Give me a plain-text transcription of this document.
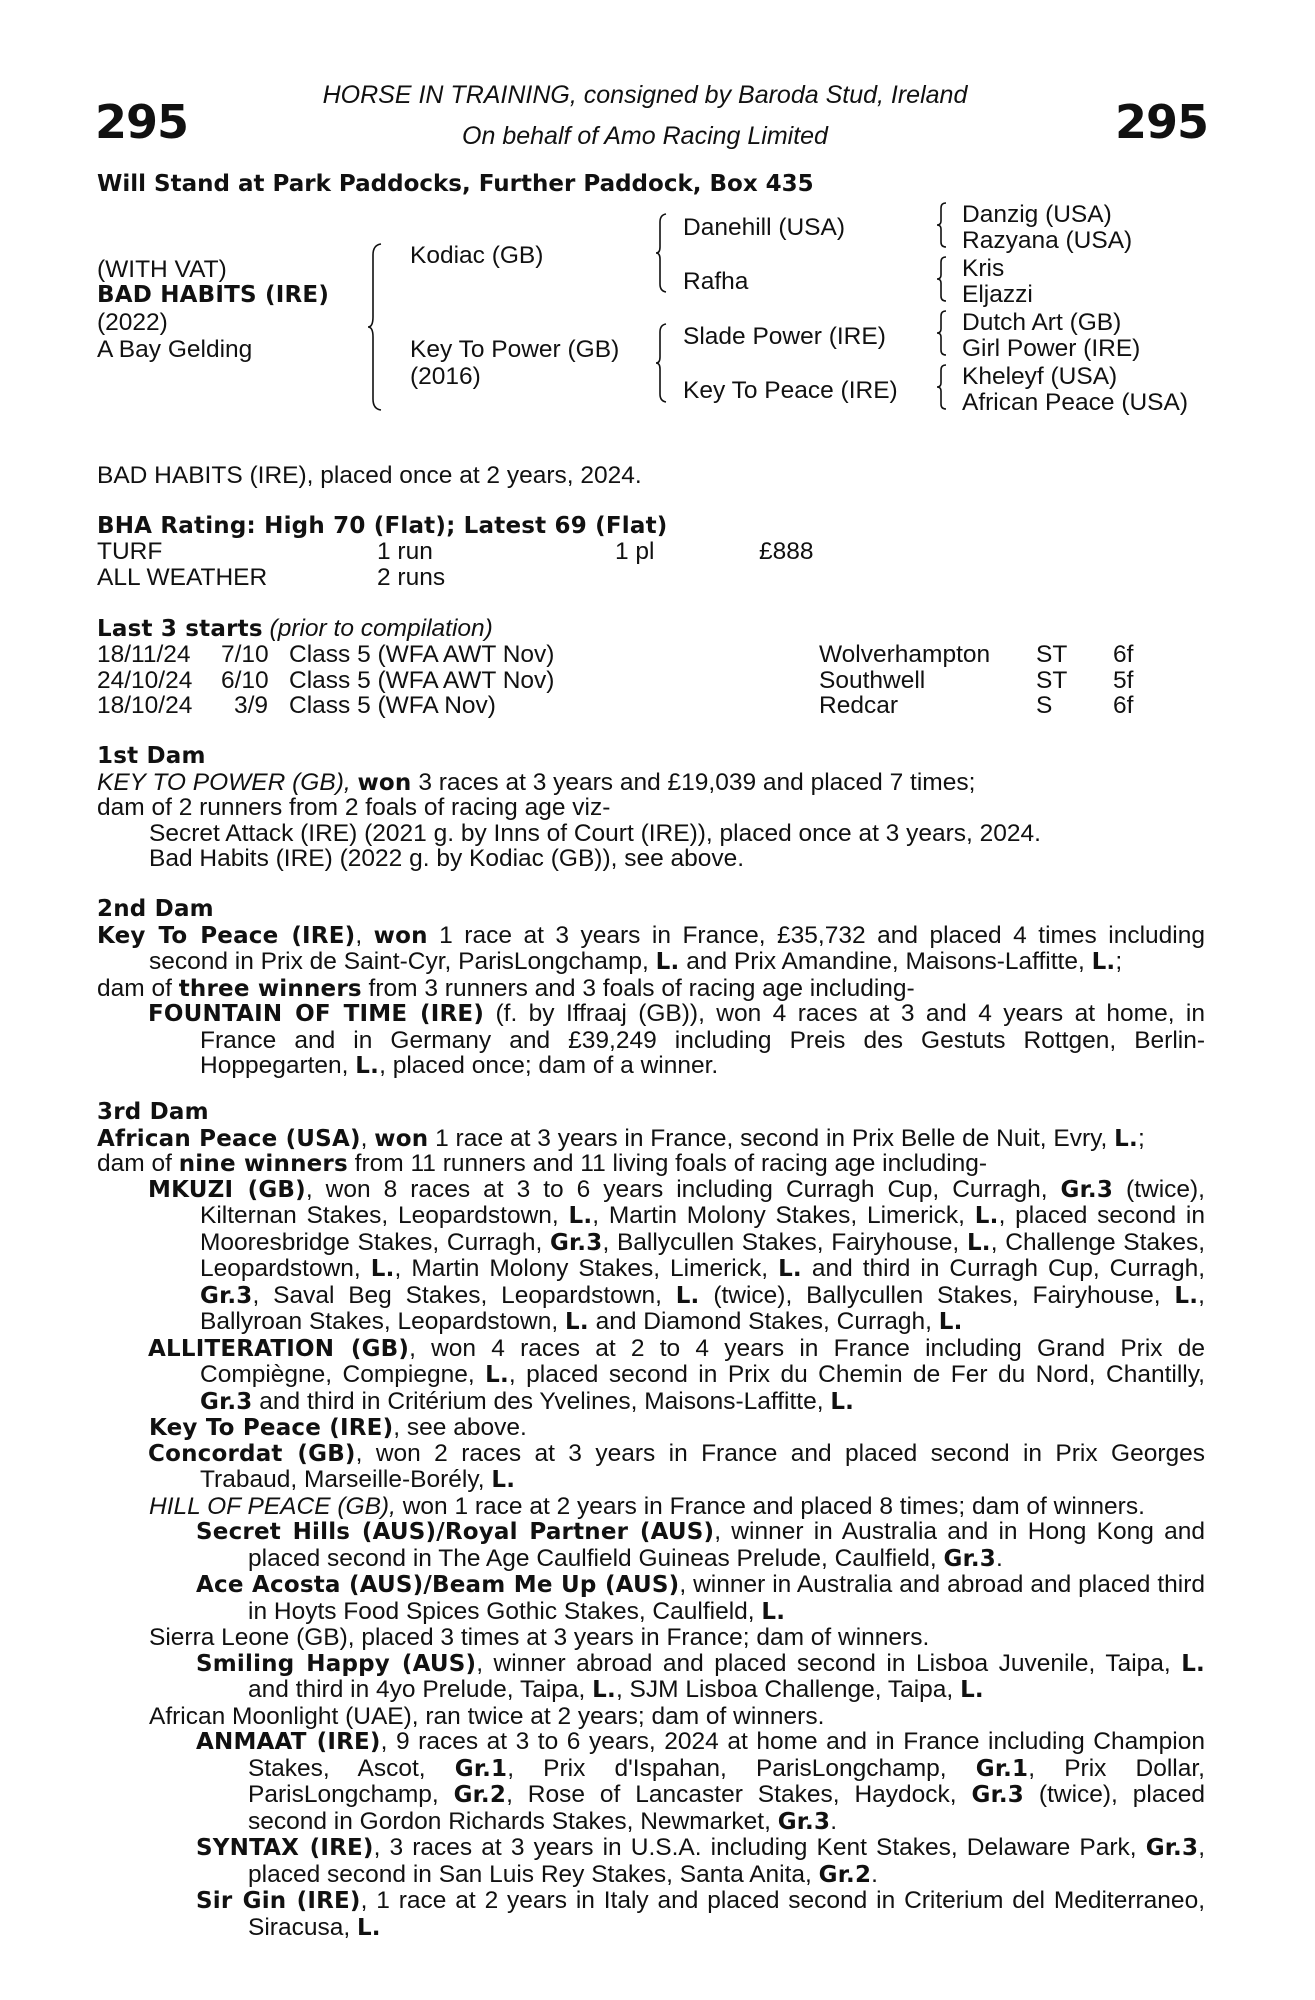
295	295
HORSE IN TRAINING, consigned by Baroda Stud, Ireland
On behalf of Amo Racing Limited
Will Stand at Park Paddocks, Further Paddock, Box 435
(WITH VAT)
BAD HABITS (IRE)
(2022)
A Bay Gelding
Kodiac (GB)
Key To Power (GB)
(2016)
Danehill (USA)
Rafha
Slade Power (IRE)
Key To Peace (IRE)
Danzig (USA)
Razyana (USA)
Kris
Eljazzi
Dutch Art (GB)
Girl Power (IRE)
Kheleyf (USA)
African Peace (USA)
BAD HABITS (IRE), placed once at 2 years, 2024.
BHA Rating: High 70 (Flat); Latest 69 (Flat)
TURF	1 run	1 pl	£888
ALL WEATHER	2 runs
Last 3 starts (prior to compilation)
18/11/24 7/10 Class 5 (WFA AWT Nov)	Wolverhampton ST 6f
24/10/24 6/10 Class 5 (WFA AWT Nov)	Southwell	ST 5f
18/10/24 3/9 Class 5 (WFA Nov)	Redcar	S 6f
1st Dam
KEY TO POWER (GB), won 3 races at 3 years and £19,039 and placed 7 times;
dam of 2 runners from 2 foals of racing age viz-
Secret Attack (IRE) (2021 g. by Inns of Court (IRE)), placed once at 3 years, 2024.
Bad Habits (IRE) (2022 g. by Kodiac (GB)), see above.
2nd Dam
Key To Peace (IRE), won 1 race at 3 years in France, £35,732 and placed 4 times including second in Prix de Saint-Cyr, ParisLongchamp, L. and Prix Amandine, Maisons-Laffitte, L.;
dam of three winners from 3 runners and 3 foals of racing age including-
FOUNTAIN OF TIME (IRE) (f. by Iffraaj (GB)), won 4 races at 3 and 4 years at home, in France and in Germany and £39,249 including Preis des Gestuts Rottgen, Berlin-Hoppegarten, L., placed once; dam of a winner.
3rd Dam
African Peace (USA), won 1 race at 3 years in France, second in Prix Belle de Nuit, Evry, L.;
dam of nine winners from 11 runners and 11 living foals of racing age including-
MKUZI (GB), won 8 races at 3 to 6 years including Curragh Cup, Curragh, Gr.3 (twice), Kilternan Stakes, Leopardstown, L., Martin Molony Stakes, Limerick, L., placed second in Mooresbridge Stakes, Curragh, Gr.3, Ballycullen Stakes, Fairyhouse, L., Challenge Stakes, Leopardstown, L., Martin Molony Stakes, Limerick, L. and third in Curragh Cup, Curragh, Gr.3, Saval Beg Stakes, Leopardstown, L. (twice), Ballycullen Stakes, Fairyhouse, L., Ballyroan Stakes, Leopardstown, L. and Diamond Stakes, Curragh, L.
ALLITERATION (GB), won 4 races at 2 to 4 years in France including Grand Prix de Compiègne, Compiegne, L., placed second in Prix du Chemin de Fer du Nord, Chantilly, Gr.3 and third in Critérium des Yvelines, Maisons-Laffitte, L.
Key To Peace (IRE), see above.
Concordat (GB), won 2 races at 3 years in France and placed second in Prix Georges Trabaud, Marseille-Borély, L.
HILL OF PEACE (GB), won 1 race at 2 years in France and placed 8 times; dam of winners.
Secret Hills (AUS)/Royal Partner (AUS), winner in Australia and in Hong Kong and placed second in The Age Caulfield Guineas Prelude, Caulfield, Gr.3.
Ace Acosta (AUS)/Beam Me Up (AUS), winner in Australia and abroad and placed third in Hoyts Food Spices Gothic Stakes, Caulfield, L.
Sierra Leone (GB), placed 3 times at 3 years in France; dam of winners.
Smiling Happy (AUS), winner abroad and placed second in Lisboa Juvenile, Taipa, L. and third in 4yo Prelude, Taipa, L., SJM Lisboa Challenge, Taipa, L.
African Moonlight (UAE), ran twice at 2 years; dam of winners.
ANMAAT (IRE), 9 races at 3 to 6 years, 2024 at home and in France including Champion Stakes, Ascot, Gr.1, Prix d'Ispahan, ParisLongchamp, Gr.1, Prix Dollar, ParisLongchamp, Gr.2, Rose of Lancaster Stakes, Haydock, Gr.3 (twice), placed second in Gordon Richards Stakes, Newmarket, Gr.3.
SYNTAX (IRE), 3 races at 3 years in U.S.A. including Kent Stakes, Delaware Park, Gr.3, placed second in San Luis Rey Stakes, Santa Anita, Gr.2.
Sir Gin (IRE), 1 race at 2 years in Italy and placed second in Criterium del Mediterraneo, Siracusa, L.
